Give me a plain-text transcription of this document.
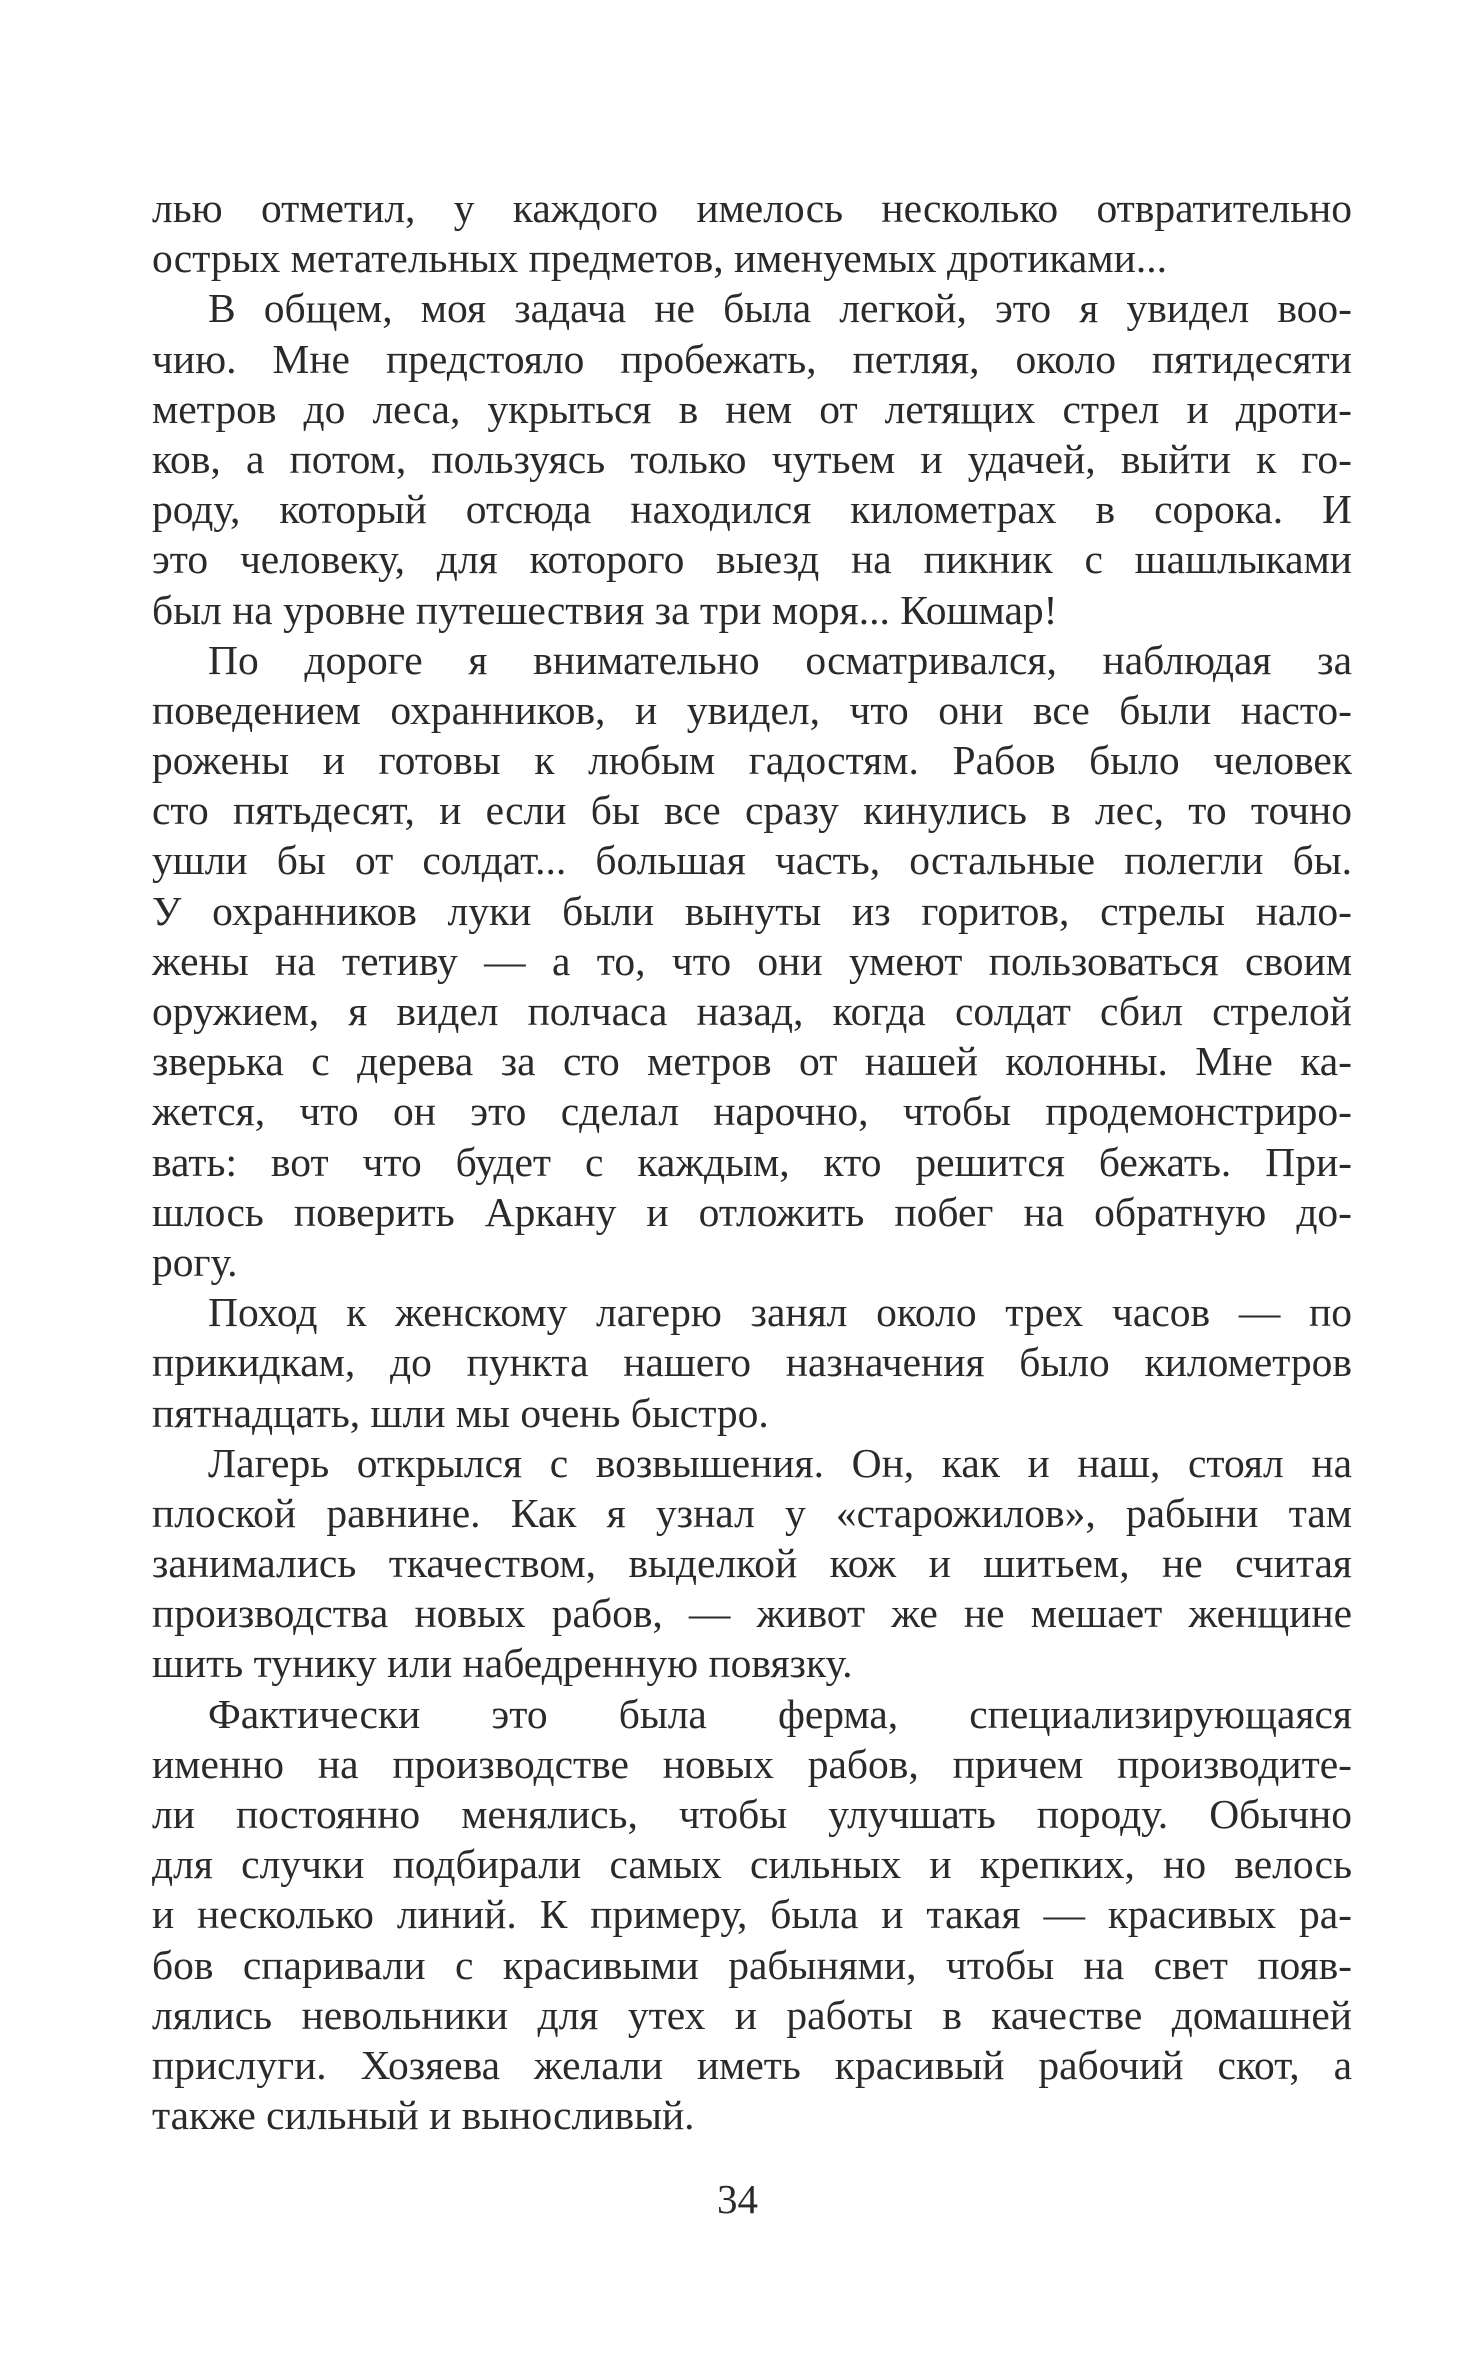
лью отметил, у каждого имелось несколько отвратительно
острых метательных предметов, именуемых дротиками...
В общем, моя задача не была легкой, это я увидел воо-
чию. Мне предстояло пробежать, петляя, около пятидесяти
метров до леса, укрыться в нем от летящих стрел и дроти-
ков, а потом, пользуясь только чутьем и удачей, выйти к го-
роду, который отсюда находился километрах в сорока. И
это человеку, для которого выезд на пикник с шашлыками
был на уровне путешествия за три моря... Кошмар!
По дороге я внимательно осматривался, наблюдая за
поведением охранников, и увидел, что они все были насто-
рожены и готовы к любым гадостям. Рабов было человек
сто пятьдесят, и если бы все сразу кинулись в лес, то точно
ушли бы от солдат... большая часть, остальные полегли бы.
У охранников луки были вынуты из горитов, стрелы нало-
жены на тетиву — а то, что они умеют пользоваться своим
оружием, я видел полчаса назад, когда солдат сбил стрелой
зверька с дерева за сто метров от нашей колонны. Мне ка-
жется, что он это сделал нарочно, чтобы продемонстриро-
вать: вот что будет с каждым, кто решится бежать. При-
шлось поверить Аркану и отложить побег на обратную до-
рогу.
Поход к женскому лагерю занял около трех часов — по
прикидкам, до пункта нашего назначения было километров
пятнадцать, шли мы очень быстро.
Лагерь открылся с возвышения. Он, как и наш, стоял на
плоской равнине. Как я узнал у «старожилов», рабыни там
занимались ткачеством, выделкой кож и шитьем, не считая
производства новых рабов, — живот же не мешает женщине
шить тунику или набедренную повязку.
Фактически это была ферма, специализирующаяся
именно на производстве новых рабов, причем производите-
ли постоянно менялись, чтобы улучшать породу. Обычно
для случки подбирали самых сильных и крепких, но велось
и несколько линий. К примеру, была и такая — красивых ра-
бов спаривали с красивыми рабынями, чтобы на свет появ-
лялись невольники для утех и работы в качестве домашней
прислуги. Хозяева желали иметь красивый рабочий скот, а
также сильный и выносливый.
34
